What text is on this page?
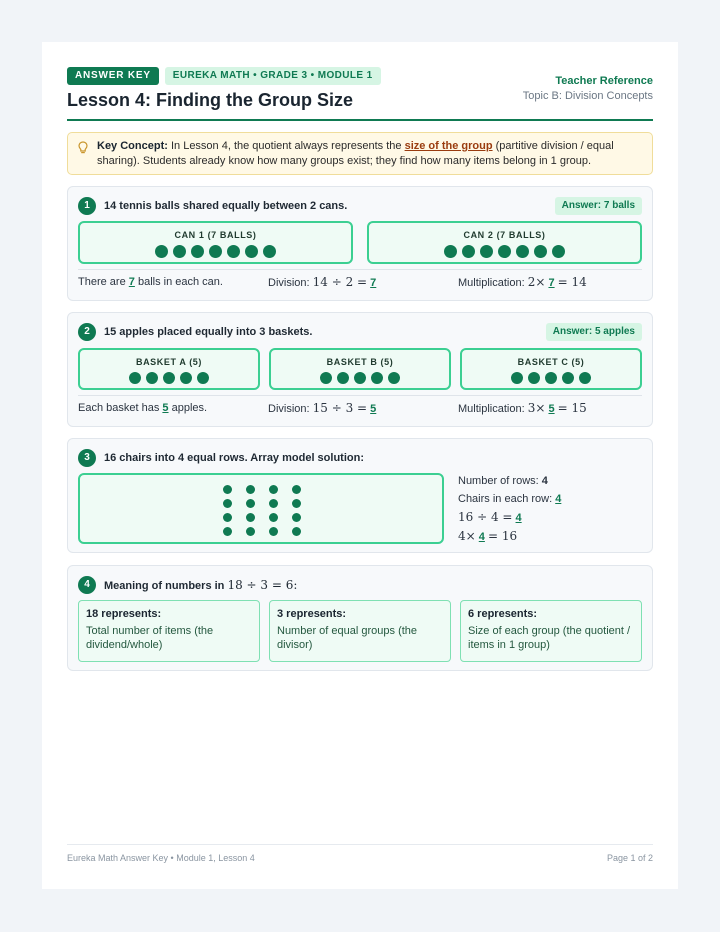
ANSWER KEY	EUREKA MATH • GRADE 3 • MODULE 1
Lesson 4: Finding the Group Size
Teacher Reference
Topic B: Division Concepts
Key Concept: In Lesson 4, the quotient always represents the size of the group (partitive division / equal sharing). Students already know how many groups exist; they find how many items belong in 1 group.
1	14 tennis balls shared equally between 2 cans.	Answer: 7 balls
CAN 1 (7 BALLS)	CAN 2 (7 BALLS)
There are 7 balls in each can.	Division: 14 ÷ 2 = 7	Multiplication: 2× 7 = 14
2	15 apples placed equally into 3 baskets.	Answer: 5 apples
BASKET A (5)	BASKET B (5)	BASKET C (5)
Each basket has 5 apples.	Division: 15 ÷ 3 = 5	Multiplication: 3× 5 = 15
3	16 chairs into 4 equal rows. Array model solution:
Number of rows: 4
Chairs in each row: 4
16 ÷ 4 = 4
4× 4 = 16
4	Meaning of numbers in 18 ÷ 3 = 6:
18 represents:
Total number of items (the dividend/whole)
3 represents:
Number of equal groups (the divisor)
6 represents:
Size of each group (the quotient / items in 1 group)
Eureka Math Answer Key • Module 1, Lesson 4	Page 1 of 2
